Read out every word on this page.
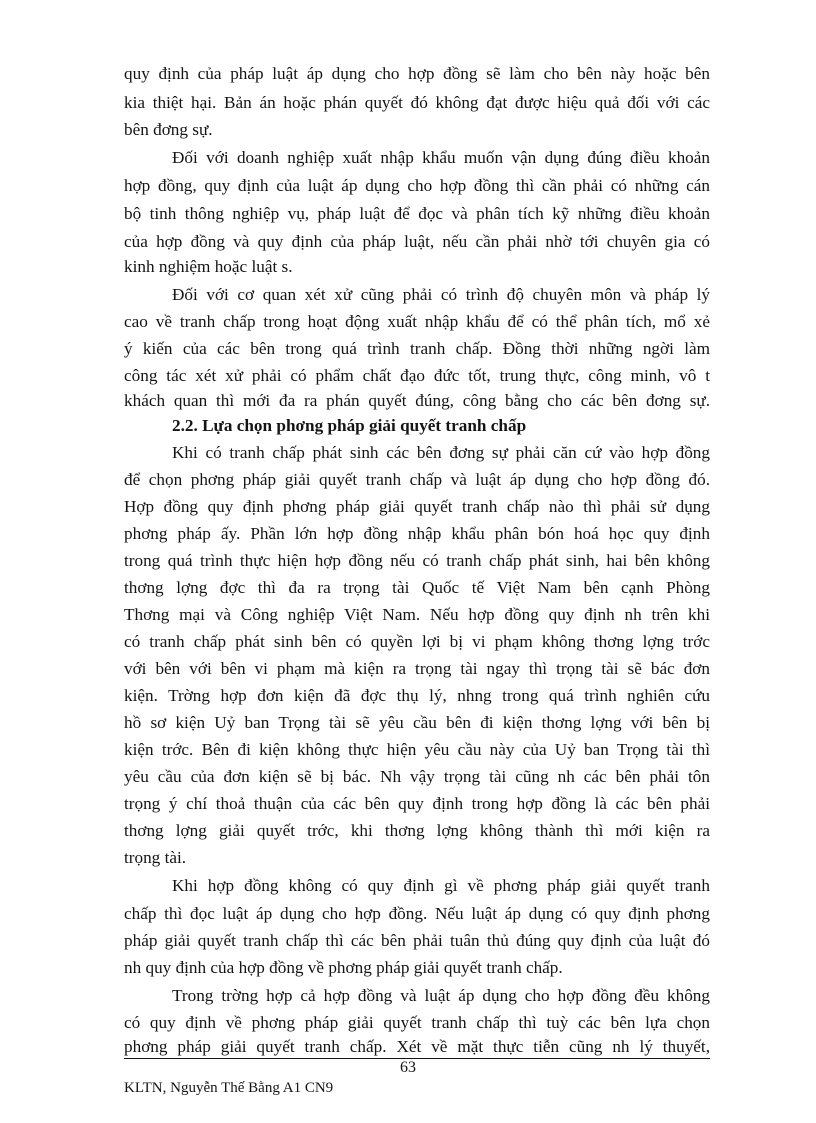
quy định của pháp luật áp dụng cho hợp đồng sẽ làm cho bên này hoặc bên
kia thiệt hại. Bản án hoặc phán quyết đó không đạt được hiệu quả đối với các
bên đơng sự.
Đối với doanh nghiệp xuất nhập khẩu muốn vận dụng đúng điều khoản
hợp đồng, quy định của luật áp dụng cho hợp đồng thì cần phải có những cán
bộ tinh thông nghiệp vụ, pháp luật để đọc và phân tích kỹ những điều khoản
của hợp đồng và quy định của pháp luật, nếu cần phải nhờ tới chuyên gia có
kinh nghiệm hoặc luật s.
Đối với cơ quan xét xử cũng phải có trình độ chuyên môn và pháp lý
cao về tranh chấp trong hoạt động xuất nhập khẩu để có thể phân tích, mổ xẻ
ý kiến của các bên trong quá trình tranh chấp. Đồng thời những ngời làm
công tác xét xử phải có phẩm chất đạo đức tốt, trung thực, công minh, vô t
khách quan thì mới đa ra phán quyết đúng, công bằng cho các bên đơng sự.
2.2. Lựa chọn phơng pháp giải quyết tranh chấp
Khi có tranh chấp phát sinh các bên đơng sự phải căn cứ vào hợp đồng
để chọn phơng pháp giải quyết tranh chấp và luật áp dụng cho hợp đồng đó.
Hợp đồng quy định phơng pháp giải quyết tranh chấp nào thì phải sử dụng
phơng pháp ấy. Phần lớn hợp đồng nhập khẩu phân bón hoá học quy định
trong quá trình thực hiện hợp đồng nếu có tranh chấp phát sinh, hai bên không
thơng lợng đợc thì đa ra trọng tài Quốc tế Việt Nam bên cạnh Phòng
Thơng mại và Công nghiệp Việt Nam. Nếu hợp đồng quy định nh trên khi
có tranh chấp phát sinh bên có quyền lợi bị vi phạm không thơng lợng trớc
với bên với bên vi phạm mà kiện ra trọng tài ngay thì trọng tài sẽ bác đơn
kiện. Trờng hợp đơn kiện đã đợc thụ lý, nhng trong quá trình nghiên cứu
hồ sơ kiện Uỷ ban Trọng tài sẽ yêu cầu bên đi kiện thơng lợng với bên bị
kiện trớc. Bên đi kiện không thực hiện yêu cầu này của Uỷ ban Trọng tài thì
yêu cầu của đơn kiện sẽ bị bác. Nh vậy trọng tài cũng nh các bên phải tôn
trọng ý chí thoả thuận của các bên quy định trong hợp đồng là các bên phải
thơng lợng giải quyết trớc, khi thơng lợng không thành thì mới kiện ra
trọng tài.
Khi hợp đồng không có quy định gì về phơng pháp giải quyết tranh
chấp thì đọc luật áp dụng cho hợp đồng. Nếu luật áp dụng có quy định phơng
pháp giải quyết tranh chấp thì các bên phải tuân thủ đúng quy định của luật đó
nh quy định của hợp đồng về phơng pháp giải quyết tranh chấp.
Trong trờng hợp cả hợp đồng và luật áp dụng cho hợp đồng đều không
có quy định về phơng pháp giải quyết tranh chấp thì tuỳ các bên lựa chọn
phơng pháp giải quyết tranh chấp. Xét về mặt thực tiễn cũng nh lý thuyết,
63
KLTN, Nguyễn Thế Bằng A1 CN9
